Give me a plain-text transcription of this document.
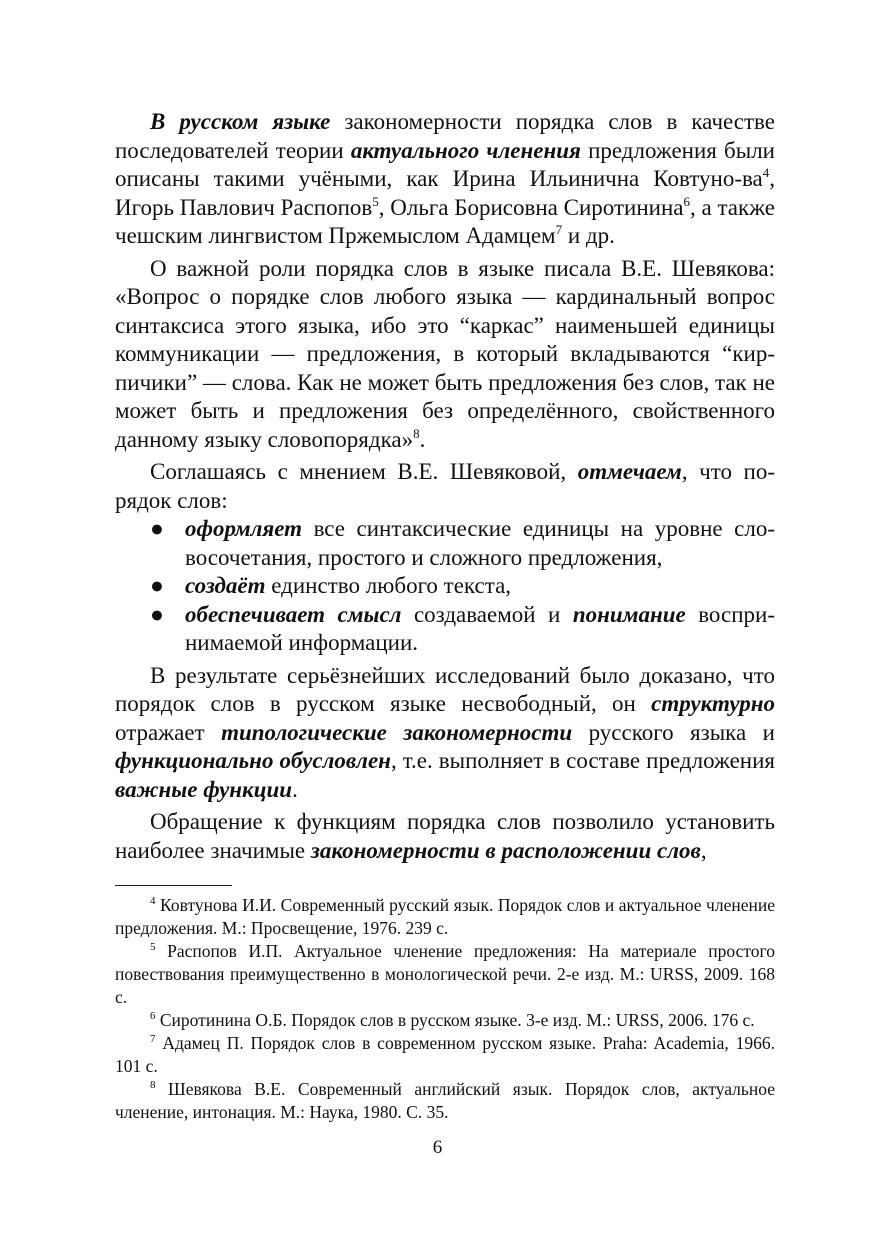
В русском языке закономерности порядка слов в качестве последователей теории актуального членения предложения были описаны такими учёными, как Ирина Ильинична Ковтуно-$ва^4$, Игорь Павлович Распопов$^5$, Ольга Борисовна Сиротинина$^6$, а также чешским лингвистом Пржемыслом Адамцем$^7$ и др.

О важной роли порядка слов в языке писала В.Е. Шевякова: «Вопрос о порядке слов любого языка — кардинальный вопрос синтаксиса этого языка, ибо это “каркас” наименьшей единицы коммуникации — предложения, в который вкладываются “кирпичики” — слова. Как не может быть предложения без слов, так не может быть и предложения без определённого, свойственного данному языку словопорядка»$^8$.

Соглашаясь с мнением В.Е. Шевяковой, отмечаем, что порядок слов:

● оформляет все синтаксические единицы на уровне словосочетания, простого и сложного предложения,
● создаёт единство любого текста,
● обеспечивает смысл создаваемой и понимание воспринимаемой информации.

В результате серьёзнейших исследований было доказано, что порядок слов в русском языке несвободный, он структурно отражает типологические закономерности русского языка и функционально обусловлен, т.е. выполняет в составе предложения важные функции.

Обращение к функциям порядка слов позволило установить наиболее значимые закономерности в расположении слов,

$^4$ Ковтунова И.И. Современный русский язык. Порядок слов и актуальное членение предложения. М.: Просвещение, 1976. 239 с.

$^5$ Распопов И.П. Актуальное членение предложения: На материале простого повествования преимущественно в монологической речи. 2-е изд. М.: URSS, 2009. 168 с.

$^6$ Сиротинина О.Б. Порядок слов в русском языке. 3-е изд. М.: URSS, 2006. 176 с.

$^7$ Адамец П. Порядок слов в современном русском языке. Praha: Academia, 1966. 101 с.

$^8$ Шевякова В.Е. Современный английский язык. Порядок слов, актуальное членение, интонация. М.: Наука, 1980. С. 35.

6
